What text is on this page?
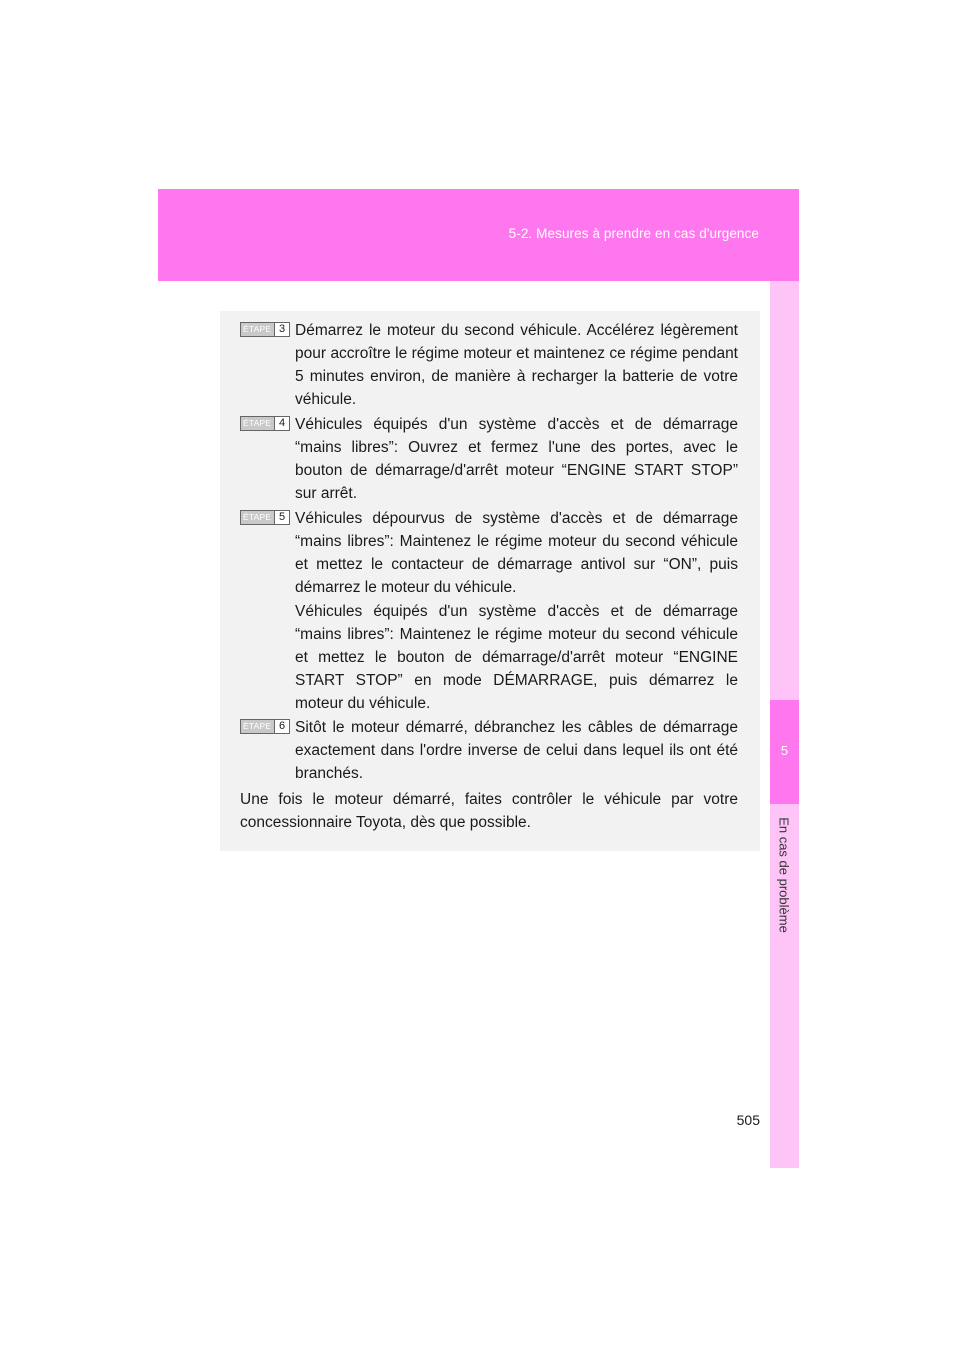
5-2. Mesures à prendre en cas d'urgence
5
En cas de problème
ÉTAPE 3 Démarrez le moteur du second véhicule. Accélérez légèrement pour accroître le régime moteur et maintenez ce régime pendant 5 minutes environ, de manière à recharger la batterie de votre véhicule.

ÉTAPE 4 Véhicules équipés d'un système d'accès et de démarrage “mains libres”: Ouvrez et fermez l'une des portes, avec le bouton de démarrage/d'arrêt moteur “ENGINE START STOP” sur arrêt.

ÉTAPE 5 Véhicules dépourvus de système d'accès et de démarrage “mains libres”: Maintenez le régime moteur du second véhicule et mettez le contacteur de démarrage antivol sur “ON”, puis démarrez le moteur du véhicule.

Véhicules équipés d'un système d'accès et de démarrage “mains libres”: Maintenez le régime moteur du second véhicule et mettez le bouton de démarrage/d'arrêt moteur “ENGINE START STOP” en mode DÉMARRAGE, puis démarrez le moteur du véhicule.

ÉTAPE 6 Sitôt le moteur démarré, débranchez les câbles de démarrage exactement dans l'ordre inverse de celui dans lequel ils ont été branchés.

Une fois le moteur démarré, faites contrôler le véhicule par votre concessionnaire Toyota, dès que possible.

505
